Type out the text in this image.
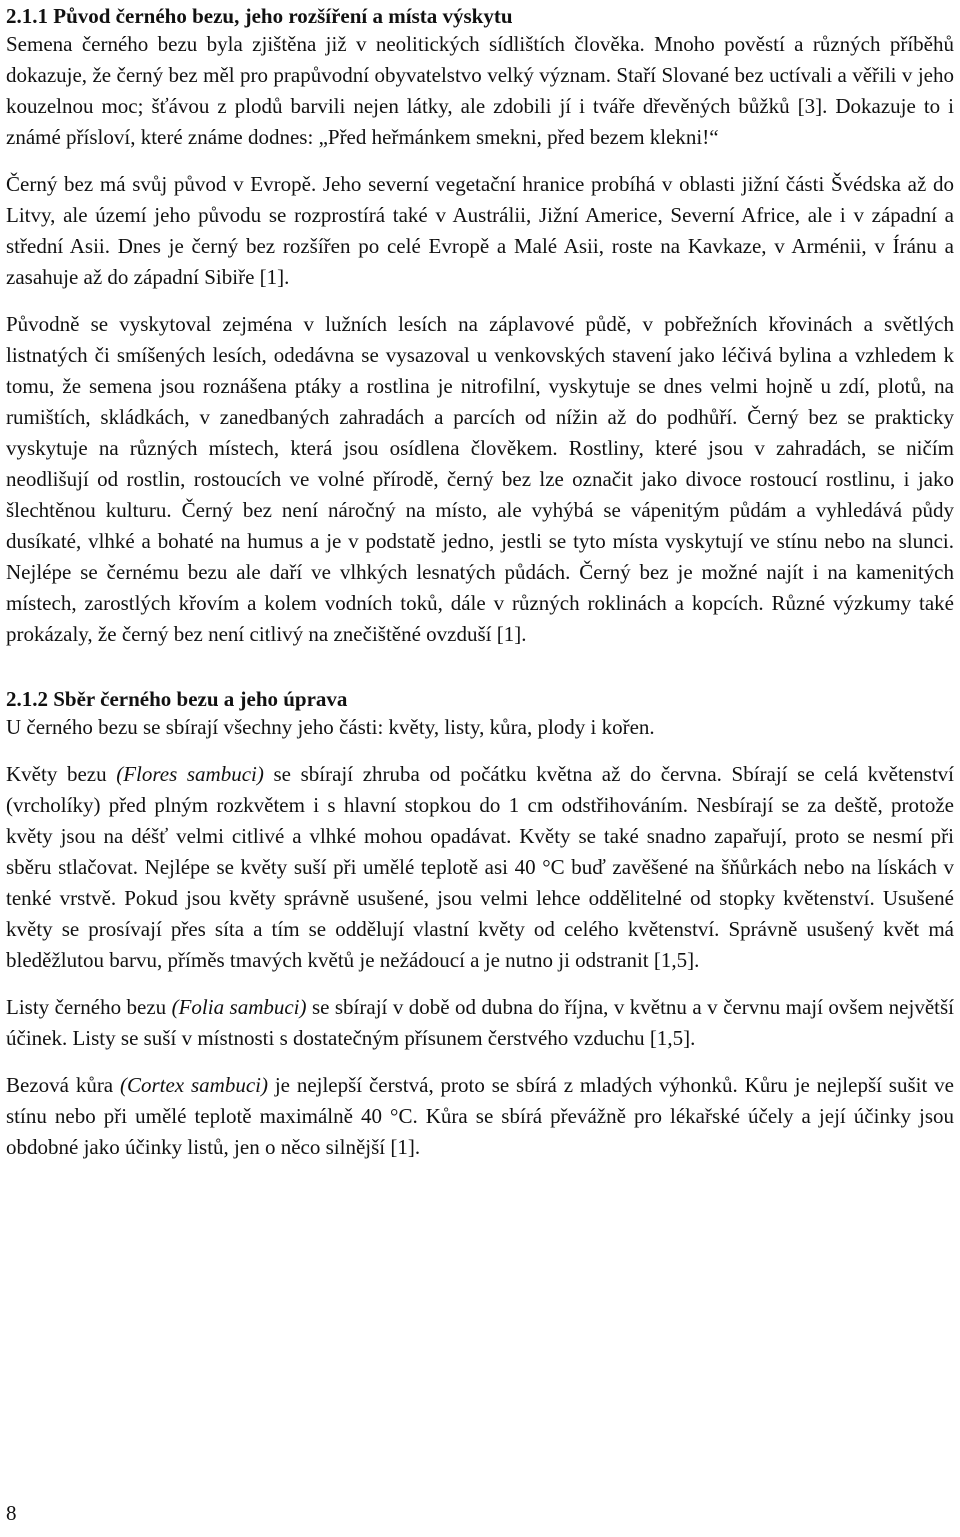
2.1.1 Původ černého bezu, jeho rozšíření a místa výskytu

Semena černého bezu byla zjištěna již v neolitických sídlištích člověka. Mnoho pověstí a různých příběhů dokazuje, že černý bez měl pro prapůvodní obyvatelstvo velký význam. Staří Slované bez uctívali a věřili v jeho kouzelnou moc; šťávou z plodů barvili nejen látky, ale zdobili jí i tváře dřevěných bůžků [3]. Dokazuje to i známé přísloví, které známe dodnes: „Před heřmánkem smekni, před bezem klekni!“

Černý bez má svůj původ v Evropě. Jeho severní vegetační hranice probíhá v oblasti jižní části Švédska až do Litvy, ale území jeho původu se rozprostírá také v Austrálii, Jižní Americe, Severní Africe, ale i v západní a střední Asii. Dnes je černý bez rozšířen po celé Evropě a Malé Asii, roste na Kavkaze, v Arménii, v Íránu a zasahuje až do západní Sibiře [1].

Původně se vyskytoval zejména v lužních lesích na záplavové půdě, v pobřežních křovinách a světlých listnatých či smíšených lesích, odedávna se vysazoval u venkovských stavení jako léčivá bylina a vzhledem k tomu, že semena jsou roznášena ptáky a rostlina je nitrofilní, vyskytuje se dnes velmi hojně u zdí, plotů, na rumištích, skládkách, v zanedbaných zahradách a parcích od nížin až do podhůří. Černý bez se prakticky vyskytuje na různých místech, která jsou osídlena člověkem. Rostliny, které jsou v zahradách, se ničím neodlišují od rostlin, rostoucích ve volné přírodě, černý bez lze označit jako divoce rostoucí rostlinu, i jako šlechtěnou kulturu. Černý bez není náročný na místo, ale vyhýbá se vápenitým půdám a vyhledává půdy dusíkaté, vlhké a bohaté na humus a je v podstatě jedno, jestli se tyto místa vyskytují ve stínu nebo na slunci. Nejlépe se černému bezu ale daří ve vlhkých lesnatých půdách. Černý bez je možné najít i na kamenitých místech, zarostlých křovím a kolem vodních toků, dále v různých roklinách a kopcích. Různé výzkumy také prokázaly, že černý bez není citlivý na znečištěné ovzduší [1].

2.1.2 Sběr černého bezu a jeho úprava

U černého bezu se sbírají všechny jeho části: květy, listy, kůra, plody i kořen.

Květy bezu (Flores sambuci) se sbírají zhruba od počátku května až do června. Sbírají se celá květenství (vrcholíky) před plným rozkvětem i s hlavní stopkou do 1 cm odstřihováním. Nesbírají se za deště, protože květy jsou na déšť velmi citlivé a vlhké mohou opadávat. Květy se také snadno zapařují, proto se nesmí při sběru stlačovat. Nejlépe se květy suší při umělé teplotě asi 40 °C buď zavěšené na šňůrkách nebo na lískách v tenké vrstvě. Pokud jsou květy správně usušené, jsou velmi lehce oddělitelné od stopky květenství. Usušené květy se prosívají přes síta a tím se oddělují vlastní květy od celého květenství. Správně usušený květ má bleděžlutou barvu, příměs tmavých květů je nežádoucí a je nutno ji odstranit [1,5].

Listy černého bezu (Folia sambuci) se sbírají v době od dubna do října, v květnu a v červnu mají ovšem největší účinek. Listy se suší v místnosti s dostatečným přísunem čerstvého vzduchu [1,5].

Bezová kůra (Cortex sambuci) je nejlepší čerstvá, proto se sbírá z mladých výhonků. Kůru je nejlepší sušit ve stínu nebo při umělé teplotě maximálně 40 °C. Kůra se sbírá převážně pro lékařské účely a její účinky jsou obdobné jako účinky listů, jen o něco silnější [1].

8
